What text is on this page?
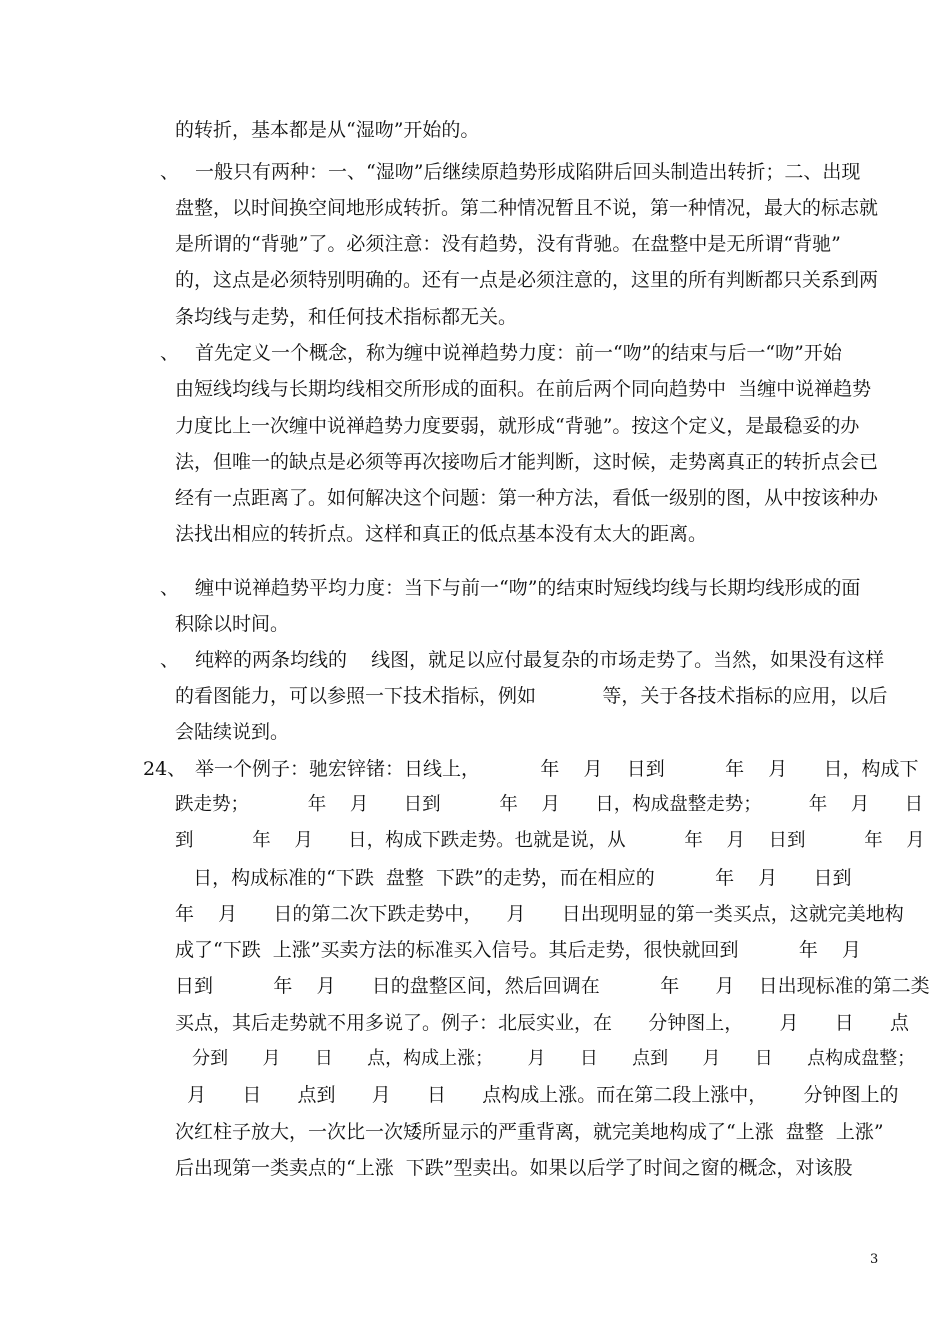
、
、
、
、
24、

的转折，基本都是从“湿吻”开始的。

一般只有两种：一、“湿吻”后继续原趋势形成陷阱后回头制造出转折；二、出现

盘整，以时间换空间地形成转折。第二种情况暂且不说，第一种情况，最大的标志就

是所谓的“背驰”了。必须注意：没有趋势，没有背驰。在盘整中是无所谓“背驰”

的，这点是必须特别明确的。还有一点是必须注意的，这里的所有判断都只关系到两

条均线与走势，和任何技术指标都无关。

首先定义一个概念，称为缠中说禅趋势力度：前一“吻”的结束与后一“吻”开始

由短线均线与长期均线相交所形成的面积。在前后两个同向趋势中  当缠中说禅趋势

力度比上一次缠中说禅趋势力度要弱，就形成“背驰”。按这个定义，是最稳妥的办

法，但唯一的缺点是必须等再次接吻后才能判断，这时候，走势离真正的转折点会已

经有一点距离了。如何解决这个问题：第一种方法，看低一级别的图，从中按该种办

法找出相应的转折点。这样和真正的低点基本没有太大的距离。

缠中说禅趋势平均力度：当下与前一“吻”的结束时短线均线与长期均线形成的面

积除以时间。

纯粹的两条均线的    线图，就足以应付最复杂的市场走势了。当然，如果没有这样

的看图能力，可以参照一下技术指标，例如           等，关于各技术指标的应用，以后

会陆续说到。

举一个例子：驰宏锌锗：日线上，          年    月    日到          年    月      日，构成下

跌走势；          年    月      日到          年    月      日，构成盘整走势；        年    月      日

到          年    月      日，构成下跌走势。也就是说，从          年    月    日到          年    月

日，构成标准的“下跌  盘整  下跌”的走势，而在相应的          年    月      日到

年    月      日的第二次下跌走势中，    月      日出现明显的第一类买点，这就完美地构

成了“下跌  上涨”买卖方法的标准买入信号。其后走势，很快就回到          年    月

日到          年    月      日的盘整区间，然后回调在          年      月    日出现标准的第二类

买点，其后走势就不用多说了。例子：北辰实业，在      分钟图上，      月      日      点

分到      月      日      点，构成上涨；      月      日      点到      月      日      点构成盘整；

月      日      点到      月      日      点构成上涨。而在第二段上涨中，      分钟图上的

次红柱子放大，一次比一次矮所显示的严重背离，就完美地构成了“上涨  盘整  上涨”

后出现第一类卖点的“上涨  下跌”型卖出。如果以后学了时间之窗的概念，对该股

3
